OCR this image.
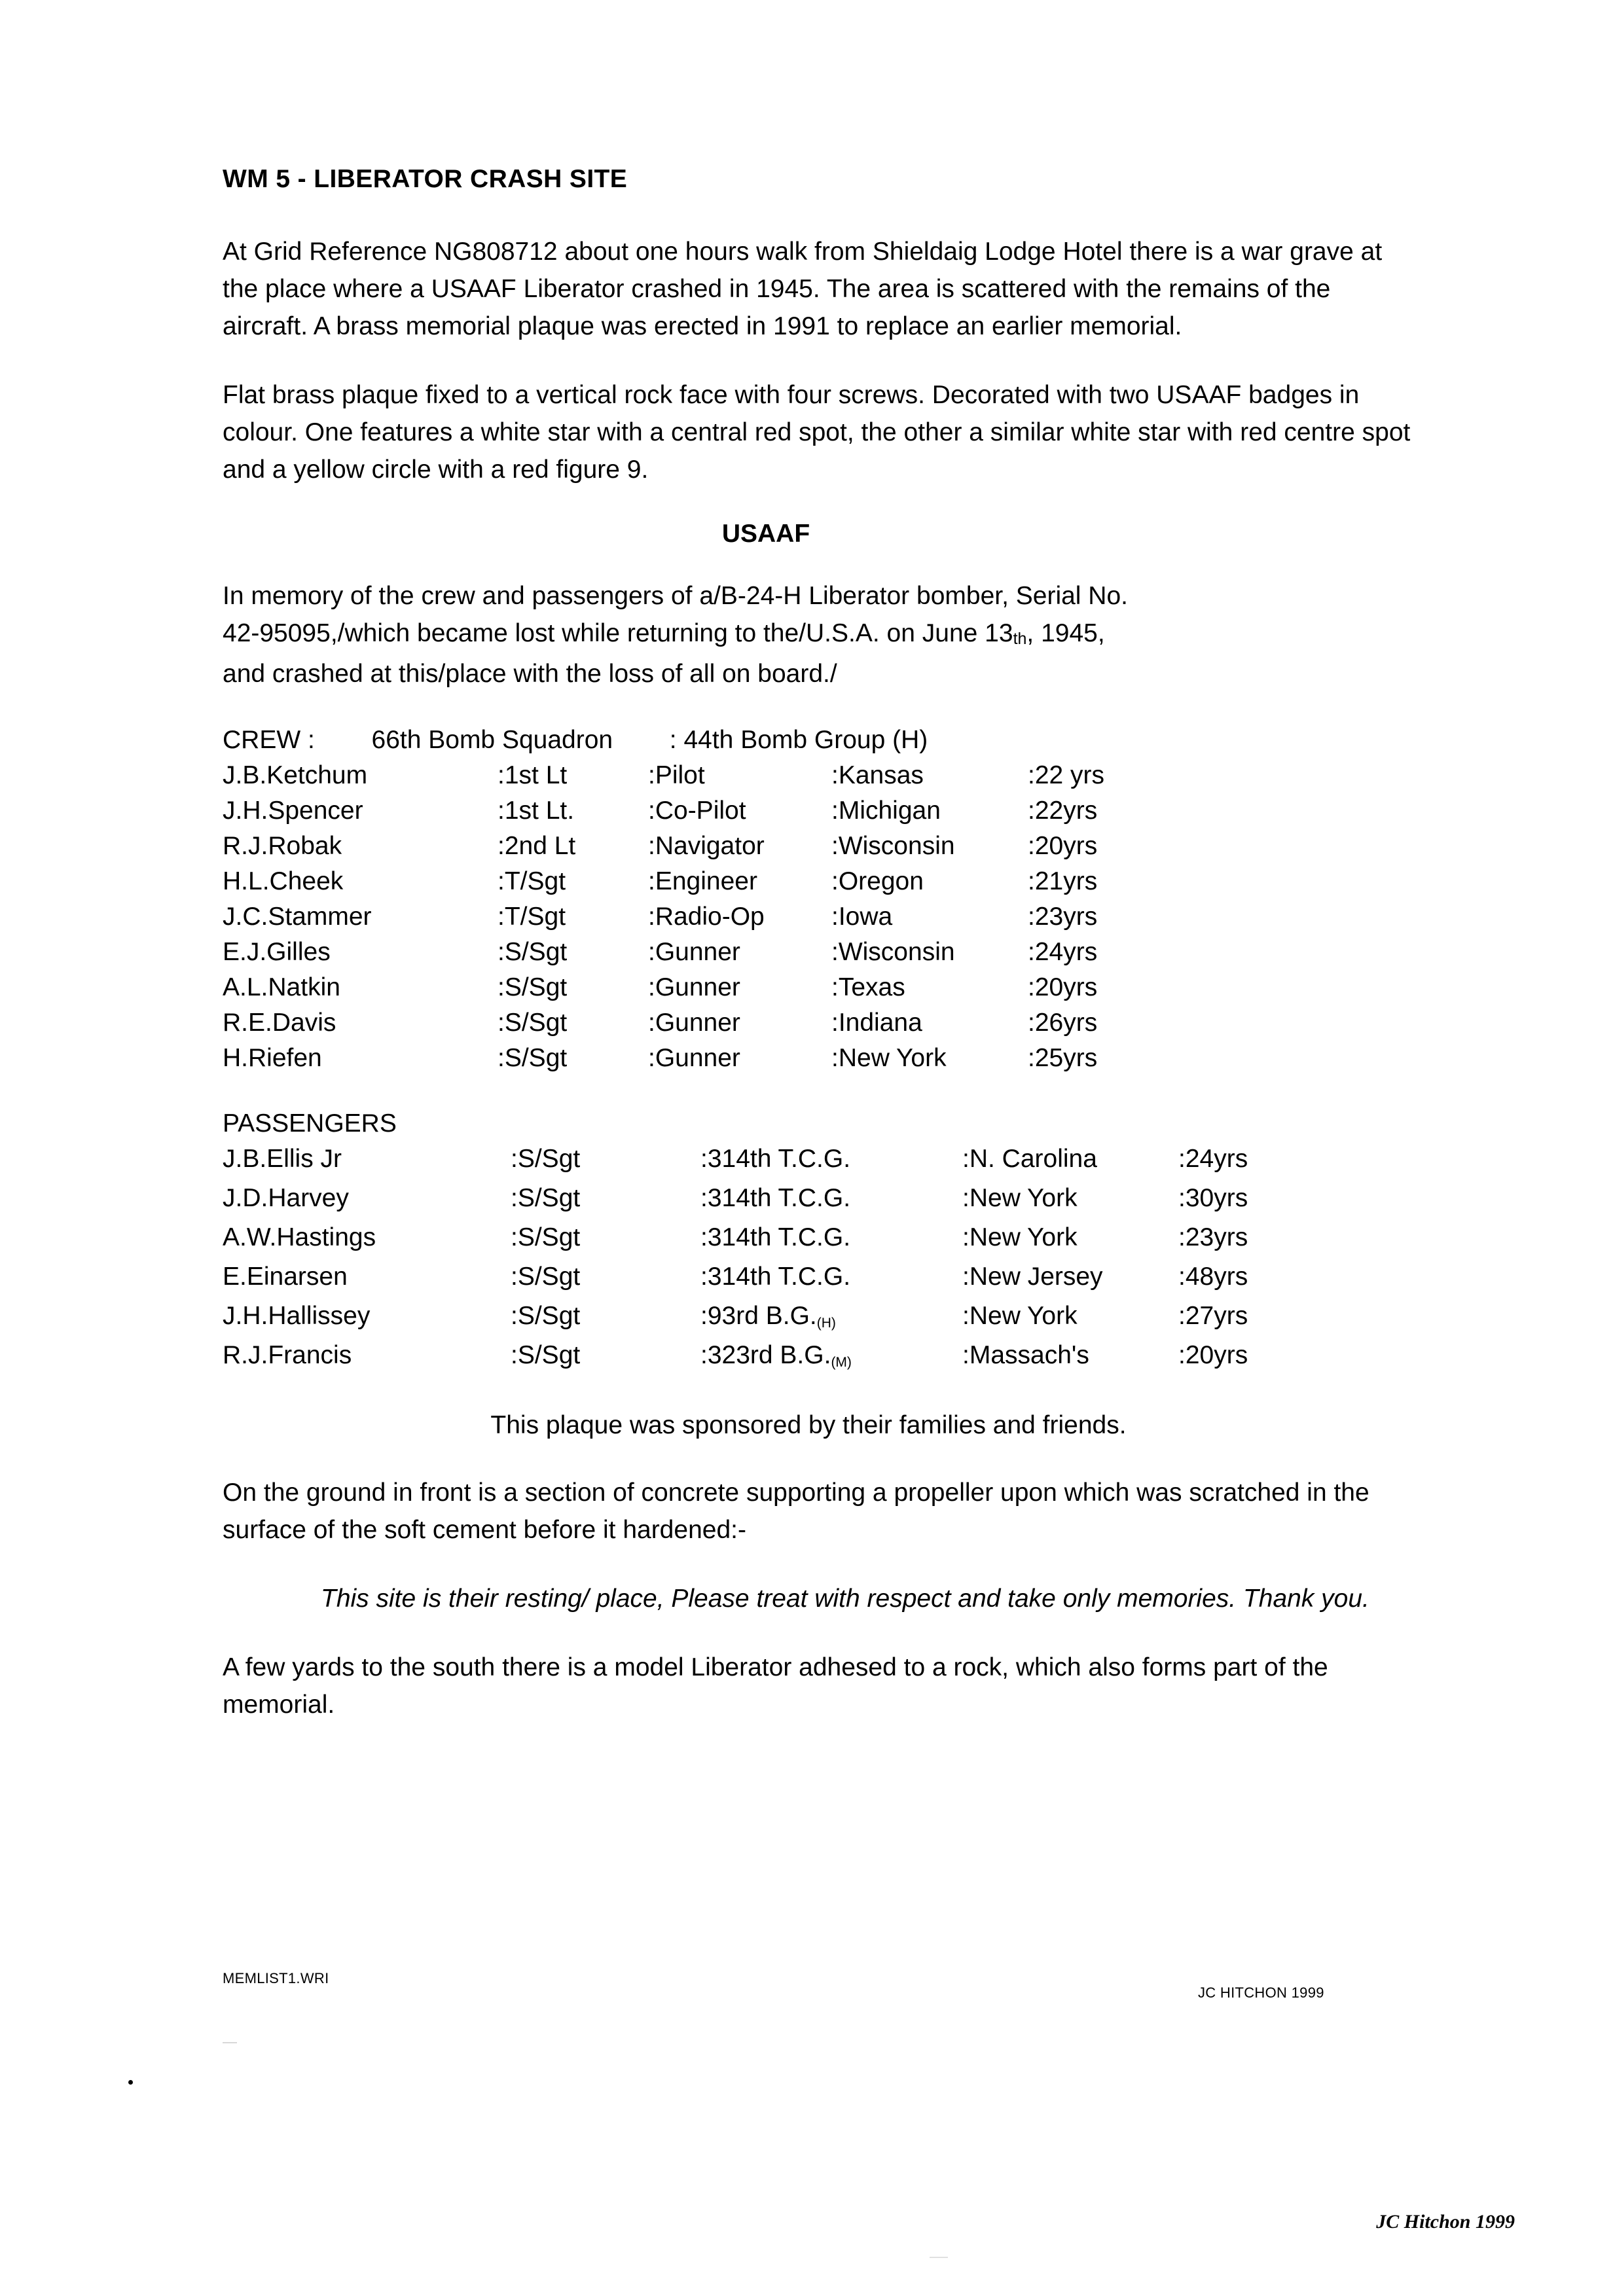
WM 5 - LIBERATOR CRASH SITE

At Grid Reference NG808712 about one hours walk from Shieldaig Lodge Hotel there is a war grave at the place where a USAAF Liberator crashed in 1945. The area is scattered with the remains of the aircraft. A brass memorial plaque was erected in 1991 to replace an earlier memorial.

Flat brass plaque fixed to a vertical rock face with four screws. Decorated with two USAAF badges in colour. One features a white star with a central red spot, the other a similar white star with red centre spot and a yellow circle with a red figure 9.

USAAF
In memory of the crew and passengers of a/B-24-H Liberator bomber, Serial No.
42-95095,/which became lost while returning to the/U.S.A. on June 13th, 1945,
and crashed at this/place with the loss of all on board./
CREW :        66th Bomb Squadron        : 44th Bomb Group (H)
J.B.Ketchum	:1st Lt	:Pilot	:Kansas	:22 yrs
J.H.Spencer	:1st Lt.	:Co-Pilot	:Michigan	:22yrs
R.J.Robak	:2nd Lt	:Navigator	:Wisconsin	:20yrs
H.L.Cheek	:T/Sgt	:Engineer	:Oregon	:21yrs
J.C.Stammer	:T/Sgt	:Radio-Op	:Iowa	:23yrs
E.J.Gilles	:S/Sgt	:Gunner	:Wisconsin	:24yrs
A.L.Natkin	:S/Sgt	:Gunner	:Texas	:20yrs
R.E.Davis	:S/Sgt	:Gunner	:Indiana	:26yrs
H.Riefen	:S/Sgt	:Gunner	:New York	:25yrs
PASSENGERS
J.B.Ellis Jr	:S/Sgt	:314th T.C.G.	:N. Carolina	:24yrs
J.D.Harvey	:S/Sgt	:314th T.C.G.	:New York	:30yrs
A.W.Hastings	:S/Sgt	:314th T.C.G.	:New York	:23yrs
E.Einarsen	:S/Sgt	:314th T.C.G.	:New Jersey	:48yrs
J.H.Hallissey	:S/Sgt	:93rd B.G.(H)	:New York	:27yrs
R.J.Francis	:S/Sgt	:323rd B.G.(M)	:Massach's	:20yrs
This plaque was sponsored by their families and friends.

On the ground in front is a section of concrete supporting a propeller upon which was scratched in the surface of the soft cement before it hardened:-

This site is their resting/ place, Please treat with respect and take only memories. Thank you.

A few yards to the south there is a model Liberator adhesed to a rock, which also forms part of the memorial.

MEMLIST1.WRI
JC HITCHON 1999
JC Hitchon 1999
